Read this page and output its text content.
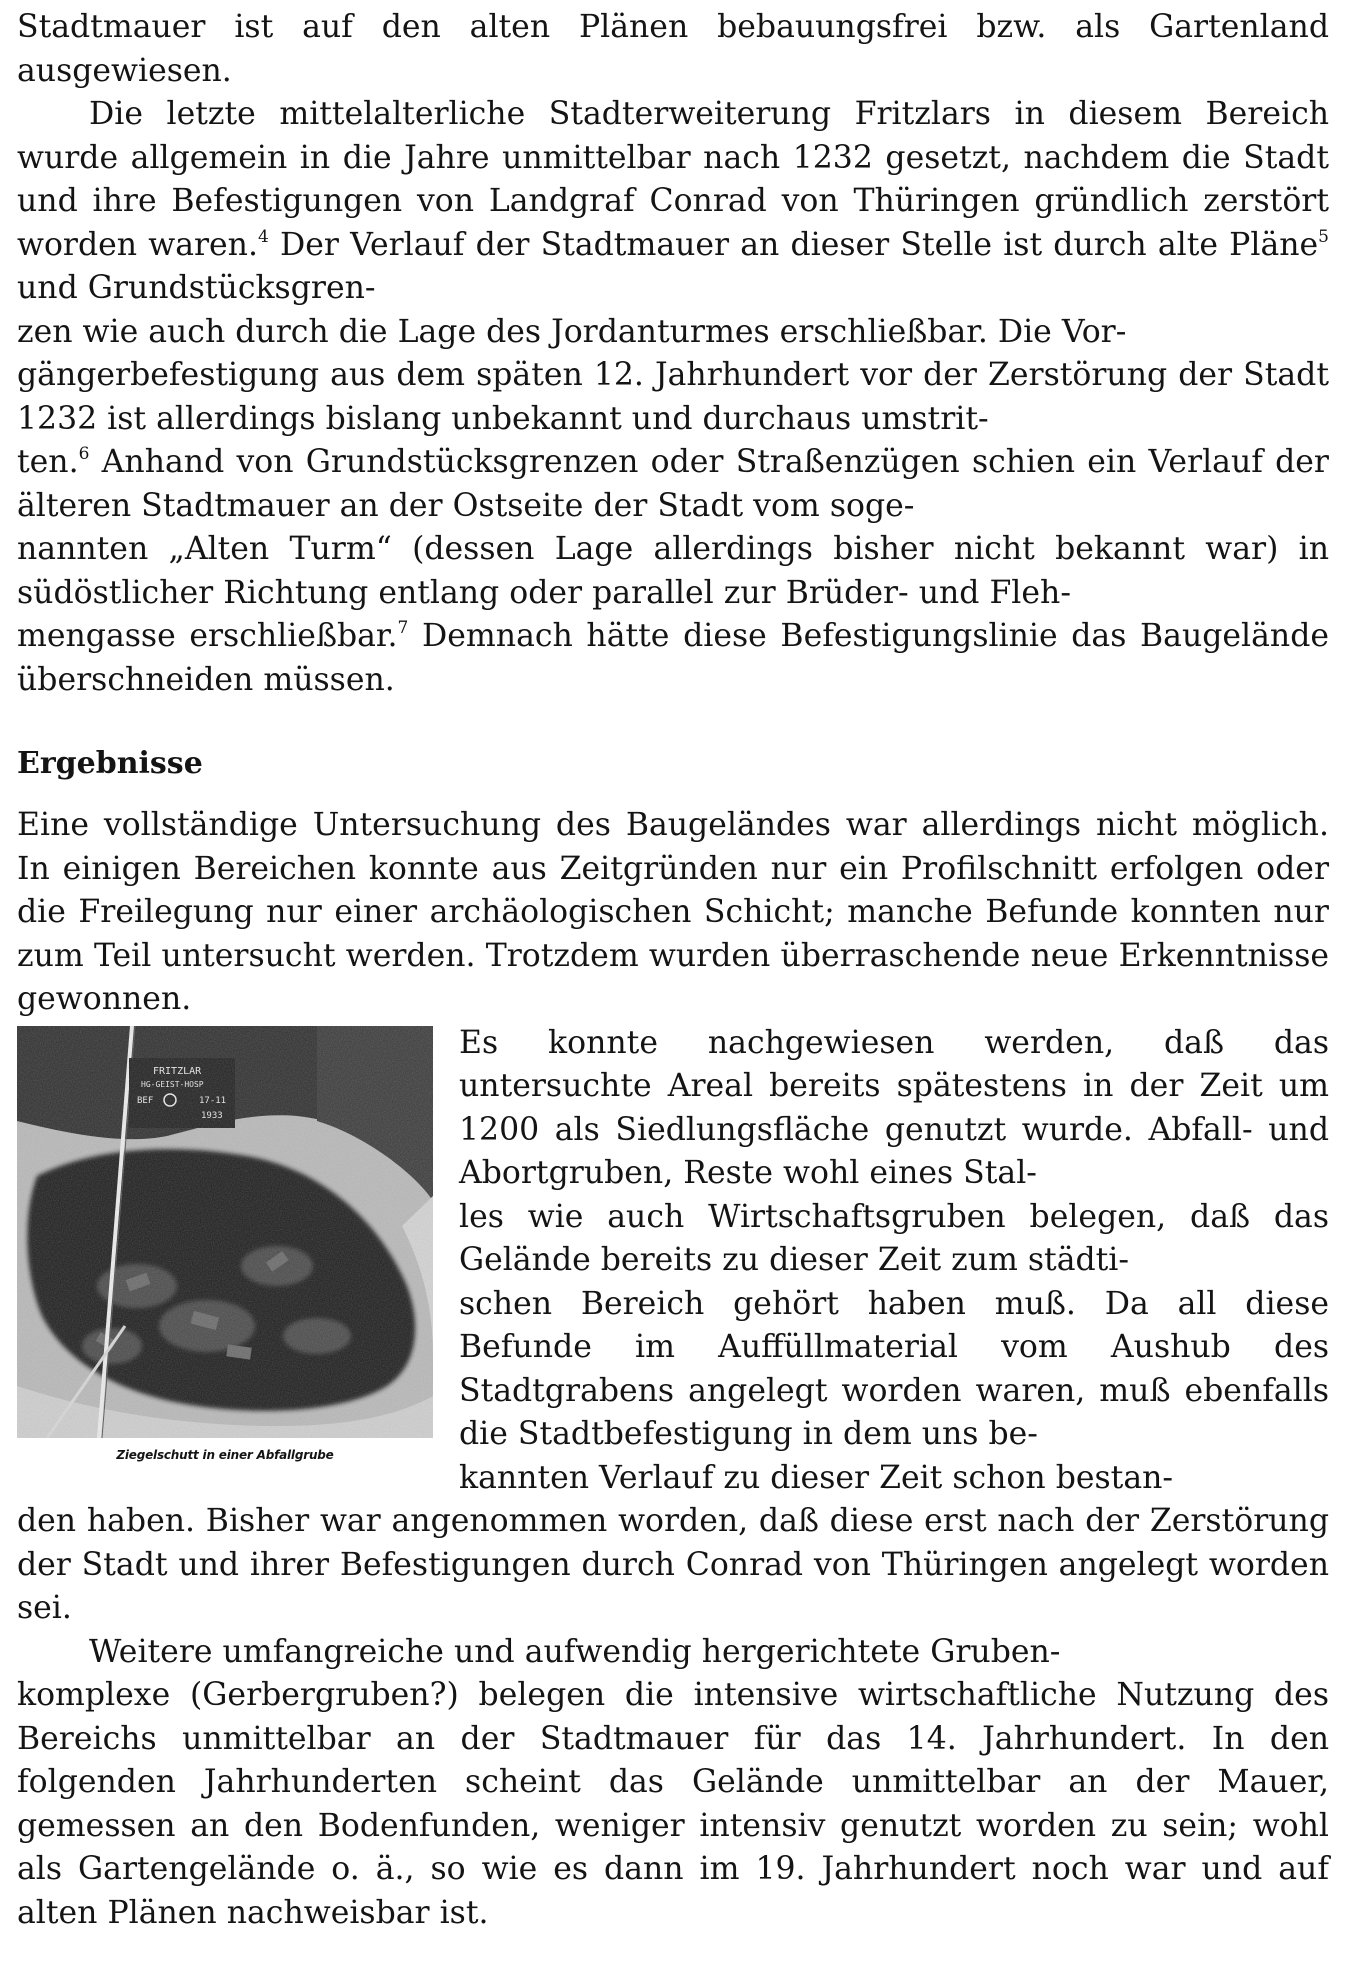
Stadtmauer ist auf den alten Plänen bebauungsfrei bzw. als Gartenland ausgewiesen.

Die letzte mittelalterliche Stadterweiterung Fritzlars in diesem Bereich wurde allgemein in die Jahre unmittelbar nach 1232 gesetzt, nachdem die Stadt und ihre Befestigungen von Landgraf Conrad von Thüringen gründlich zerstört worden waren.$^4$ Der Verlauf der Stadtmauer an dieser Stelle ist durch alte Pläne$^5$ und Grundstücksgren-
zen wie auch durch die Lage des Jordanturmes erschließbar. Die Vor-
gängerbefestigung aus dem späten 12. Jahrhundert vor der Zerstörung der Stadt 1232 ist allerdings bislang unbekannt und durchaus umstrit-
ten.$^6$ Anhand von Grundstücksgrenzen oder Straßenzügen schien ein Verlauf der älteren Stadtmauer an der Ostseite der Stadt vom soge-
nannten „Alten Turm“ (dessen Lage allerdings bisher nicht bekannt war) in südöstlicher Richtung entlang oder parallel zur Brüder- und Fleh-
mengasse erschließbar.$^7$ Demnach hätte diese Befestigungslinie das Baugelände überschneiden müssen.

Ergebnisse

Eine vollständige Untersuchung des Baugeländes war allerdings nicht möglich. In einigen Bereichen konnte aus Zeitgründen nur ein Profilschnitt erfolgen oder die Freilegung nur einer archäologischen Schicht; manche Befunde konnten nur zum Teil untersucht werden. Trotzdem wurden überraschende neue Erkenntnisse gewonnen.

Ziegelschutt in einer Abfallgrube

Es konnte nachgewiesen werden, daß das untersuchte Areal bereits spätestens in der Zeit um 1200 als Siedlungsfläche genutzt wurde. Abfall- und Abortgruben, Reste wohl eines Stal-
les wie auch Wirtschaftsgruben belegen, daß das Gelände bereits zu dieser Zeit zum städti-
schen Bereich gehört haben muß. Da all diese Befunde im Auffüllmaterial vom Aushub des Stadtgrabens angelegt worden waren, muß ebenfalls die Stadtbefestigung in dem uns be-
kannten Verlauf zu dieser Zeit schon bestan-
den haben. Bisher war angenommen worden, daß diese erst nach der Zerstörung der Stadt und ihrer Befestigungen durch Conrad von Thüringen angelegt worden sei.

Weitere umfangreiche und aufwendig hergerichtete Gruben-
komplexe (Gerbergruben?) belegen die intensive wirtschaftliche Nutzung des Bereichs unmittelbar an der Stadtmauer für das 14. Jahrhundert. In den folgenden Jahrhunderten scheint das Gelände unmittelbar an der Mauer, gemessen an den Bodenfunden, weniger intensiv genutzt worden zu sein; wohl als Gartengelände o. ä., so wie es dann im 19. Jahrhundert noch war und auf alten Plänen nachweisbar ist.
